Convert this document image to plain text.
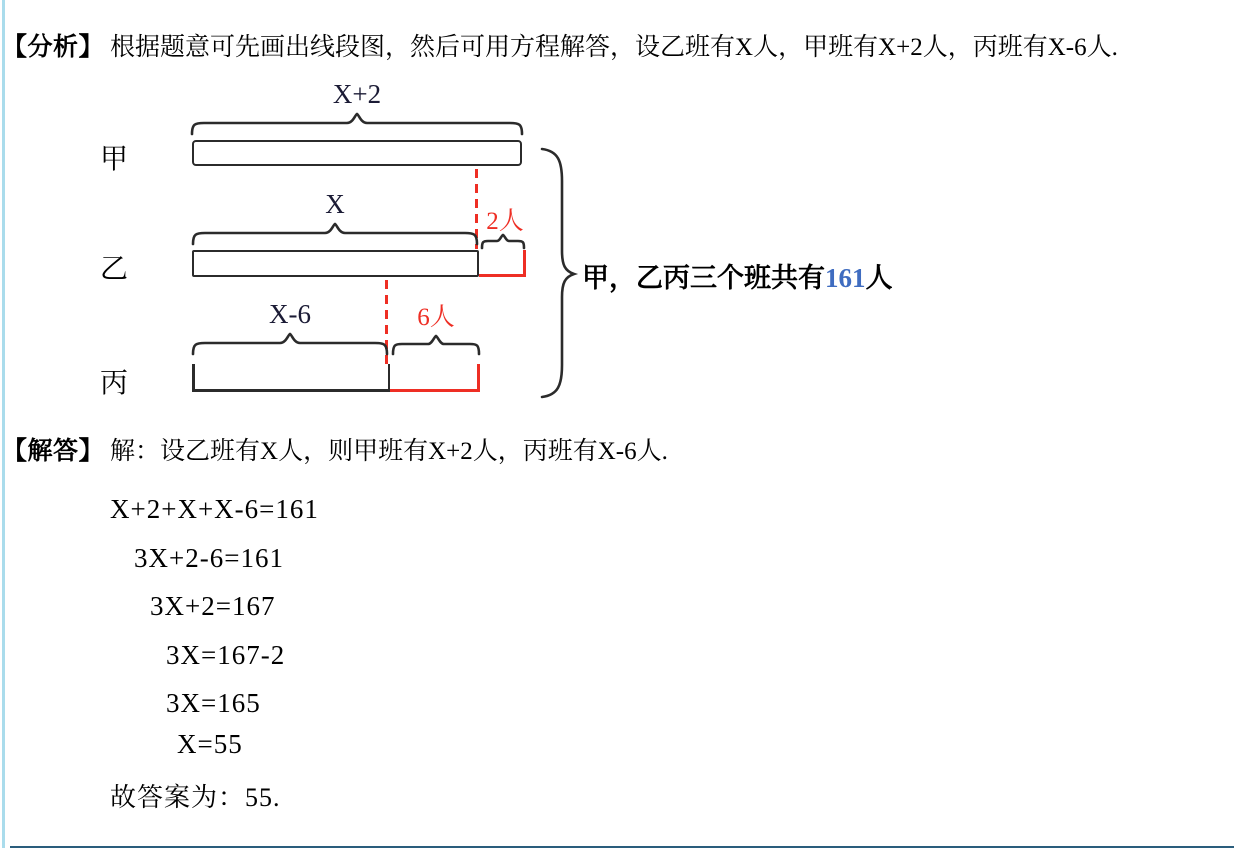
【分析】 根据题意可先画出线段图，然后可用方程解答，设乙班有X人，甲班有X+2人，丙班有X-6人.
X+2
甲
X
2人
乙
X-6	6人
丙
甲，乙丙三个班共有161人
【解答】 解：设乙班有X人，则甲班有X+2人，丙班有X-6人.
X+2+X+X-6=161
3X+2-6=161
3X+2=167
3X=167-2
3X=165
X=55
故答案为：55.
